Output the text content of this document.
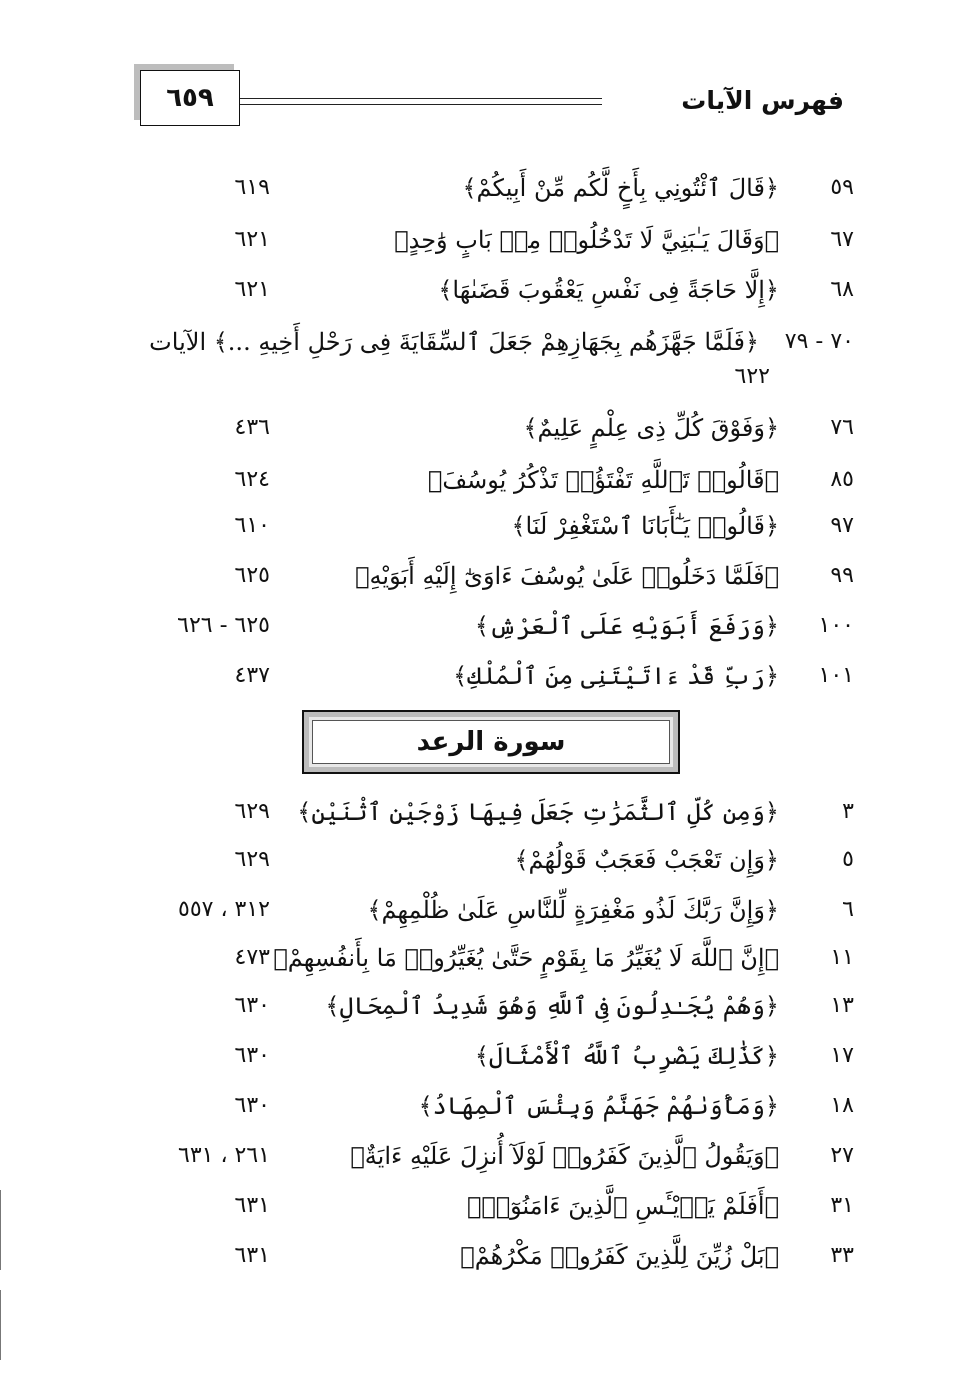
٦٥٩	فهرس الآيات
٥٩
﴿قَالَ ٱئْتُونِي بِأَخٍ لَّكُم مِّنْ أَبِيكُمْ﴾
٦١٩
٦٧
﴿وَقَالَ يَـٰبَنِيَّ لَا تَدْخُلُوا۟ مِنۢ بَابٍ وَٰحِدٍ﴾
٦٢١
٦٨
﴿إِلَّا حَاجَةً فِى نَفْسِ يَعْقُوبَ قَضَىٰهَا﴾
٦٢١
٧٠ - ٧٩
﴿فَلَمَّا جَهَّزَهُم بِجَهَازِهِمْ جَعَلَ ٱلسِّقَايَةَ فِى رَحْلِ أَخِيهِ ...﴾ الآيات
٦٢٢
٧٦
﴿وَفَوْقَ كُلِّ ذِى عِلْمٍ عَلِيمٌ﴾
٤٣٦
٨٥
﴿قَالُوا۟ تَٱللَّهِ تَفْتَؤُا۟ تَذْكُرُ يُوسُفَ﴾
٦٢٤
٩٧
﴿قَالُوا۟ يَـٰٓأَبَانَا ٱسْتَغْفِرْ لَنَا﴾
٦١٠
٩٩
﴿فَلَمَّا دَخَلُوا۟ عَلَىٰ يُوسُفَ ءَاوَىٰٓ إِلَيْهِ أَبَوَيْهِ﴾
٦٢٥
١٠٠
﴿وَرَفَعَ أَبَوَيْهِ عَلَى ٱلْعَرْشِ﴾
٦٢٥ - ٦٢٦
١٠١
﴿رَبِّ قَدْ ءَاتَيْتَنِى مِنَ ٱلْمُلْكِ﴾
٤٣٧
سورة الرعد
٣
﴿وَمِن كُلِّ ٱلثَّمَرَٰتِ جَعَلَ فِيهَا زَوْجَيْنِ ٱثْنَيْنِ﴾
٦٢٩
٥
﴿وَإِن تَعْجَبْ فَعَجَبٌ قَوْلُهُمْ﴾
٦٢٩
٦
﴿وَإِنَّ رَبَّكَ لَذُو مَغْفِرَةٍ لِّلنَّاسِ عَلَىٰ ظُلْمِهِمْ﴾
٣١٢ ، ٥٥٧
١١
﴿إِنَّ ٱللَّهَ لَا يُغَيِّرُ مَا بِقَوْمٍ حَتَّىٰ يُغَيِّرُوا۟ مَا بِأَنفُسِهِمْ﴾
٤٧٣
١٣
﴿وَهُمْ يُجَـٰدِلُونَ فِى ٱللَّهِ وَهُوَ شَدِيدُ ٱلْمِحَالِ﴾
٦٣٠
١٧
﴿كَذَٰلِكَ يَضْرِبُ ٱللَّهُ ٱلْأَمْثَالَ﴾
٦٣٠
١٨
﴿وَمَأْوَىٰهُمْ جَهَنَّمُ وَبِئْسَ ٱلْمِهَادُ﴾
٦٣٠
٢٧
﴿وَيَقُولُ ٱلَّذِينَ كَفَرُوا۟ لَوْلَآ أُنزِلَ عَلَيْهِ ءَايَةٌ﴾
٢٦١ ، ٦٣١
٣١
﴿أَفَلَمْ يَا۟يْـَٔسِ ٱلَّذِينَ ءَامَنُوٓا۟﴾
٦٣١
٣٣
﴿بَلْ زُيِّنَ لِلَّذِينَ كَفَرُوا۟ مَكْرُهُمْ﴾
٦٣١
